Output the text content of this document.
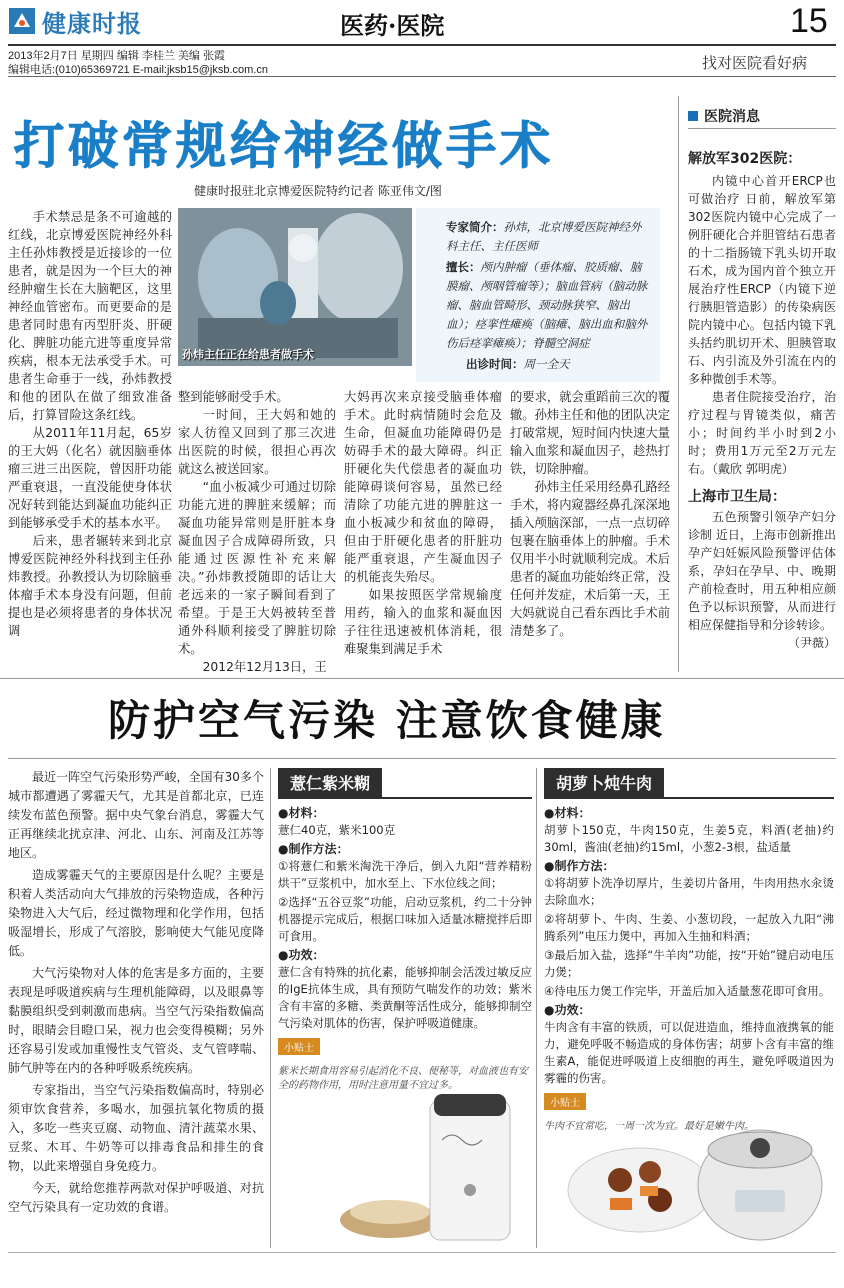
健康时报	医药·医院	15
2013年2月7日 星期四 编辑 李桂兰 美编 张霞
编辑电话:(010)65369721 E-mail:jksb15@jksb.com.cn	找对医院看好病
打破常规给神经做手术
健康时报驻北京博爱医院特约记者 陈亚伟文/图

手术禁忌是条不可逾越的红线，北京博爱医院神经外科主任孙炜教授是近接诊的一位患者，就是因为一个巨大的神经肿瘤生长在大脑靶区，这里神经血管密布。而更要命的是患者同时患有丙型肝炎、肝硬化、脾脏功能亢进等重度异常疾病，根本无法承受手术。可患者生命垂于一线，孙炜教授和他的团队在做了细致准备后，打算冒险这条红线。

从2011年11月起，65岁的王大妈（化名）就因脑垂体瘤三进三出医院，曾因肝功能严重衰退，一直没能使身体状况好转到能达到凝血功能纠正到能够承受手术的基本水平。

后来，患者辗转来到北京博爱医院神经外科找到主任孙炜教授。孙教授认为切除脑垂体瘤手术本身没有问题，但前提也是必须将患者的身体状况调

孙炜主任正在给患者做手术

专家简介：孙炜，北京博爱医院神经外科主任、主任医师

擅长：颅内肿瘤（垂体瘤、胶质瘤、脑膜瘤、颅咽管瘤等）；脑血管病（脑动脉瘤、脑血管畸形、颈动脉狭窄、脑出血）；痉挛性瘫痪（脑瘫、脑出血和脑外伤后痉挛瘫痪）；脊髓空洞症

出诊时间：周一全天

整到能够耐受手术。

一时间，王大妈和她的家人彷徨又回到了那三次进出医院的时候，很担心再次就这么被送回家。

“血小板减少可通过切除功能亢进的脾脏来缓解；而凝血功能异常则是肝脏本身凝血因子合成障碍所致，只能通过医源性补充来解决。”孙炜教授随即的话让大老远来的一家子瞬间看到了希望。于是王大妈被转至普通外科顺利接受了脾脏切除术。

2012年12月13日，王

大妈再次来京接受脑垂体瘤手术。此时病情随时会危及生命，但凝血功能障碍仍是妨碍手术的最大障碍。纠正肝硬化失代偿患者的凝血功能障碍谈何容易，虽然已经清除了功能亢进的脾脏这一血小板减少和贫血的障碍，但由于肝硬化患者的肝脏功能严重衰退，产生凝血因子的机能丧失殆尽。

如果按照医学常规输度用药，输入的血浆和凝血因子往往迅速被机体消耗，很难聚集到满足手术

的要求，就会重蹈前三次的覆辙。孙炜主任和他的团队决定打破常规，短时间内快速大量输入血浆和凝血因子，趁热打铁，切除肿瘤。

孙炜主任采用经鼻孔路经手术，将内窥器经鼻孔深深地插入颅脑深部，一点一点切碎包裹在脑垂体上的肿瘤。手术仅用半小时就顺利完成。术后患者的凝血功能始终正常，没任何并发症，术后第一天，王大妈就说自己看东西比手术前清楚多了。

医院消息
解放军302医院：

内镜中心首开ERCP也可做治疗 日前，解放军第302医院内镜中心完成了一例肝硬化合并胆管结石患者的十二指肠镜下乳头切开取石术，成为国内首个独立开展治疗性ERCP（内镜下逆行胰胆管造影）的传染病医院内镜中心。包括内镜下乳头括约肌切开术、胆胰管取石、内引流及外引流在内的多种微创手术等。

患者住院接受治疗，治疗过程与胃镜类似，痛苦小；时间约半小时到2小时；费用1万元至2万元左右。（戴欣 郭明虎）

上海市卫生局：

五色预警引领孕产妇分诊制 近日，上海市创新推出孕产妇妊娠风险预警评估体系，孕妇在孕早、中、晚期产前检查时，用五种相应颜色予以标识预警，从而进行相应保健指导和分诊转诊。

（尹薇）

防护空气污染 注意饮食健康

最近一阵空气污染形势严峻，全国有30多个城市都遭遇了雾霾天气，尤其是首都北京，已连续发布蓝色预警。据中央气象台消息，雾霾大气正再继续北扰京津、河北、山东、河南及江苏等地区。

造成雾霾天气的主要原因是什么呢？主要是积着人类活动向大气排放的污染物造成，各种污染物进入大气后，经过微物理和化学作用，包括吸湿增长，形成了气溶胶，影响使大气能见度降低。

大气污染物对人体的危害是多方面的，主要表现是呼吸道疾病与生理机能障碍，以及眼鼻等黏膜组织受到刺激而患病。当空气污染指数偏高时，眼睛会目瞪口呆，视力也会变得模糊；另外还容易引发或加重慢性支气管炎、支气管哮喘、肺气肿等在内的各种呼吸系统疾病。

专家指出，当空气污染指数偏高时，特别必须审饮食营养，多喝水，加强抗氧化物质的摄入，多吃一些夹豆腐、动物血、清汁蔬菜水果、豆浆、木耳、牛奶等可以排毒食品和排生的食物，以此来增强自身免疫力。

今天，就给您推荐两款对保护呼吸道、对抗空气污染具有一定功效的食谱。

薏仁紫米糊

●材料：

薏仁40克，紫米100克

●制作方法：

①将薏仁和紫米淘洗干净后，倒入九阳“营养精粉烘干”豆浆机中，加水至上、下水位线之间；

②选择“五谷豆浆”功能，启动豆浆机，约二十分钟机器提示完成后，根据口味加入适量冰糖搅拌后即可食用。

●功效：

薏仁含有特殊的抗化素，能够抑制会活泼过敏反应的IgE抗体生成，具有预防气喘发作的功效；紫米含有丰富的多糖、类黄酮等活性成分，能够抑制空气污染对肌体的伤害，保护呼吸道健康。

小贴士

紫米长期食用容易引起消化不良、便秘等，对血液也有安全的药物作用，用时注意用量不宜过多。

胡萝卜炖牛肉

●材料：

胡萝卜150克，牛肉150克，生姜5克，料酒(老抽)约30ml，酱油(老抽)约15ml，小葱2-3根，盐适量

●制作方法：

①将胡萝卜洗净切厚片，生姜切片备用，牛肉用热水汆烫去除血水；

②将胡萝卜、牛肉、生姜、小葱切段，一起放入九阳“沸腾系列”电压力煲中，再加入生抽和料酒；

③最后加入盐，选择“牛羊肉”功能，按“开始”键启动电压力煲；

④待电压力煲工作完毕，开盖后加入适量葱花即可食用。

●功效：

牛肉含有丰富的铁质，可以促进造血，维持血液携氧的能力，避免呼吸不畅造成的身体伤害；胡萝卜含有丰富的维生素A，能促进呼吸道上皮细胞的再生，避免呼吸道因为雾霾的伤害。

小贴士

牛肉不宜常吃，一周一次为宜。最好是嫩牛肉。
